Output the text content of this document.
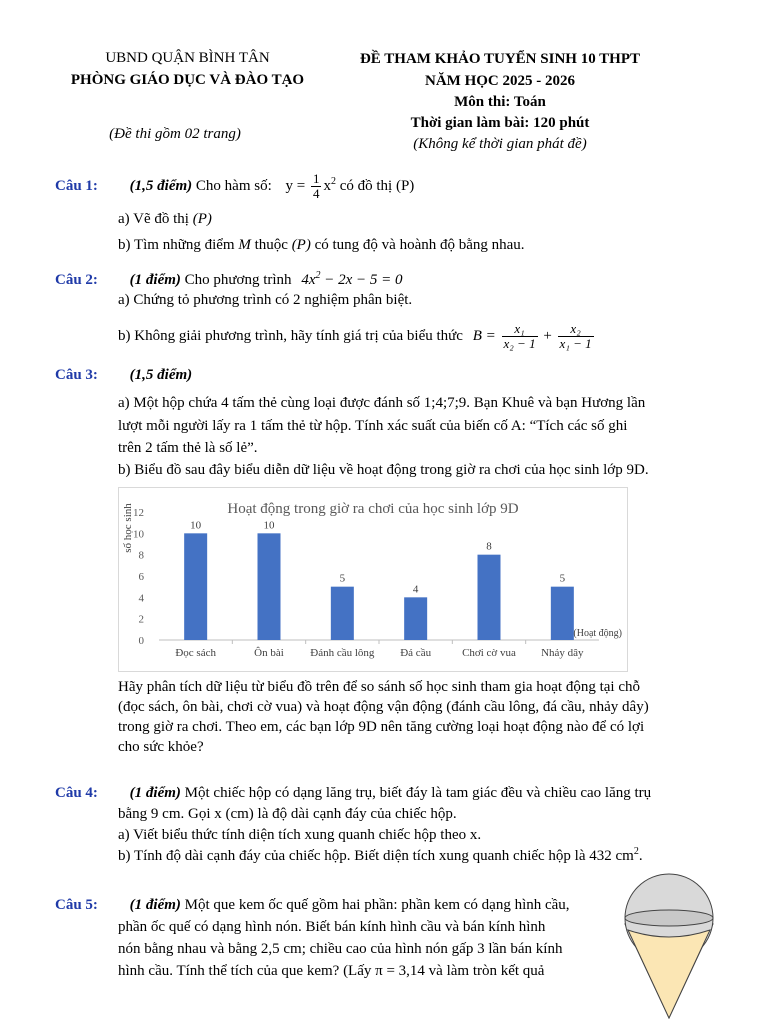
UBND QUẬN BÌNH TÂN
PHÒNG GIÁO DỤC VÀ ĐÀO TẠO
(Đề thi gồm 02 trang)
ĐỀ THAM KHẢO TUYỂN SINH 10 THPT
NĂM HỌC 2025 - 2026
Môn thi: Toán
Thời gian làm bài: 120 phút
(Không kể thời gian phát đề)
Câu 1: (1,5 điểm) Cho hàm số: $y = \frac{1}{4} x^2$ có đồ thị (P)
a) Vẽ đồ thị (P)
b) Tìm những điểm M thuộc (P) có tung độ và hoành độ bằng nhau.
Câu 2: (1 điểm) Cho phương trình $4x^2 - 2x - 5 = 0$
a) Chứng tỏ phương trình có 2 nghiệm phân biệt.
b) Không giải phương trình, hãy tính giá trị của biểu thức $B = \frac{\text{x₁}}{\text{x₂ − 1}} + \frac{\text{x₂}}{\text{x₁ − 1}}$
Câu 3: (1,5 điểm)
a) Một hộp chứa 4 tấm thẻ cùng loại được đánh số 1;4;7;9. Bạn Khuê và bạn Hương lần
lượt mỗi người lấy ra 1 tấm thẻ từ hộp. Tính xác suất của biến cố A: “Tích các số ghi
trên 2 tấm thẻ là số lẻ”.
b) Biểu đồ sau đây biểu diễn dữ liệu về hoạt động trong giờ ra chơi của học sinh lớp 9D.
Hoạt động trong giờ ra chơi của học sinh lớp 9D
số học sinh
0
2
4
6
8
10
12
10
Đọc sách
10
Ôn bài
5
Đánh cầu lông
4
Đá cầu
8
Chơi cờ vua
5
Nhảy dây
(Hoạt động)
Hãy phân tích dữ liệu từ biểu đồ trên để so sánh số học sinh tham gia hoạt động tại chỗ
(đọc sách, ôn bài, chơi cờ vua) và hoạt động vận động (đánh cầu lông, đá cầu, nhảy dây)
trong giờ ra chơi. Theo em, các bạn lớp 9D nên tăng cường loại hoạt động nào để có lợi
cho sức khỏe?
Câu 4: (1 điểm) Một chiếc hộp có dạng lăng trụ, biết đáy là tam giác đều và chiều cao lăng trụ
bằng 9 cm. Gọi x (cm) là độ dài cạnh đáy của chiếc hộp.
a) Viết biểu thức tính diện tích xung quanh chiếc hộp theo x.
b) Tính độ dài cạnh đáy của chiếc hộp. Biết diện tích xung quanh chiếc hộp là 432 $cm^2$.
Câu 5: (1 điểm) Một que kem ốc quế gồm hai phần: phần kem có dạng hình cầu,
phần ốc quế có dạng hình nón. Biết bán kính hình cầu và bán kính hình
nón bằng nhau và bằng 2,5 cm; chiều cao của hình nón gấp 3 lần bán kính
hình cầu. Tính thể tích của que kem? (Lấy π = 3,14 và làm tròn kết quả
